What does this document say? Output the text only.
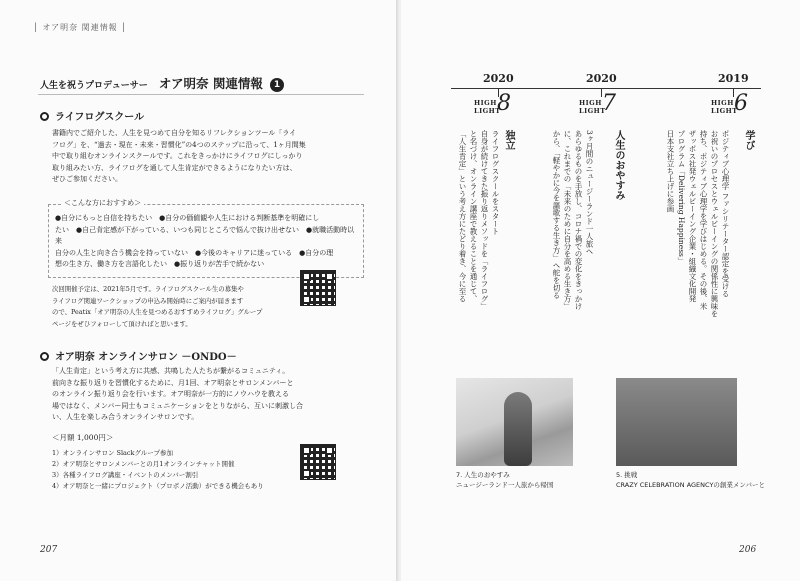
│ オア明奈 関連情報 │
人生を祝うプロデューサー オア明奈 関連情報 1
ライフログスクール

書籍内でご紹介した、人生を見つめて自分を知るリフレクションツール「ライ
フログ」を、“過去・現在・未来・習慣化”の4つのステップに沿って、1ヶ月間集
中で取り組むオンラインスクールです。これをきっかけにライフログにしっかり
取り組みたい方、ライフログを通して人生肯定ができるようになりたい方は、
ぜひご参加ください。

＜こんな方におすすめ＞
●自分にもっと自信を持ちたい　●自分の価値観や人生における判断基準を明確にし
たい　●自己肯定感が下がっている、いつも同じところで悩んで抜け出せない　●就職活動時以来
自分の人生と向き合う機会を持っていない　●今後のキャリアに迷っている　●自分の理
想の生き方、働き方を言語化したい　●振り返りが苦手で続かない

次回開催予定は、2021年5月です。ライフログスクール生の募集や
ライフログ関連ワークショップの申込み開始時にご案内が届きます
ので、Peatix「オア明奈の人生を見つめるおすすめライフログ」グループ
ページをぜひフォローして頂ければと思います。

オア明奈 オンラインサロン －ONDO－

「人生肯定」という考え方に共感、共鳴した人たちが繋がるコミュニティ。
前向きな振り返りを習慣化するために、月1回、オア明奈とサロンメンバーと
のオンライン振り返り会を行います。オア明奈が一方的にノウハウを教える
場ではなく、メンバー同士もコミュニケーションをとりながら、互いに刺激し合
い、人生を楽しみ合うオンラインサロンです。

＜月額 1,000円＞

1）オンラインサロン Slackグループ参加
2）オア明奈とサロンメンバーとの月1オンラインチャット開催
3）各種ライフログ講座・イベントのメンバー割引
4）オア明奈と一緒にプロジェクト（プロボノ活動）ができる機会もあり

207
2020	2020	2019
HIGH LIGHT
8
独立
ライフログスクールをスタート
自身が続けてきた振り返りメソッドを「ライフログ」
と名づけ、オンライン講座で教えることを通じて、
「人生肯定」という考え方にたどり着き、今に至る
HIGH LIGHT
7
人生のおやすみ
3ヶ月間のニュージーランド一人旅へ
あらゆるものを手放し、コロナ禍での変化をきっかけ
に、これまでの「未来のために自分を高める生き方」
から、「軽やかに今を謳歌する生き方」へ舵を切る
HIGH LIGHT
6
学び
ポジティブ心理学 ファシリテーター認定を受ける
お祝いのプロセスとウェルビーイングの関係性に興味を
持ち、ポジティブ心理学を学びはじめる。その後、米
ザッポス社発ウェルビーイング企業・組織文化開発
プログラム「Delivering Happiness」
日本支社立ち上げに参画
7. 人生のおやすみ
ニュージーランド一人旅から帰国
5. 挑戦
CRAZY CELEBRATION AGENCYの創業メンバーと
206
